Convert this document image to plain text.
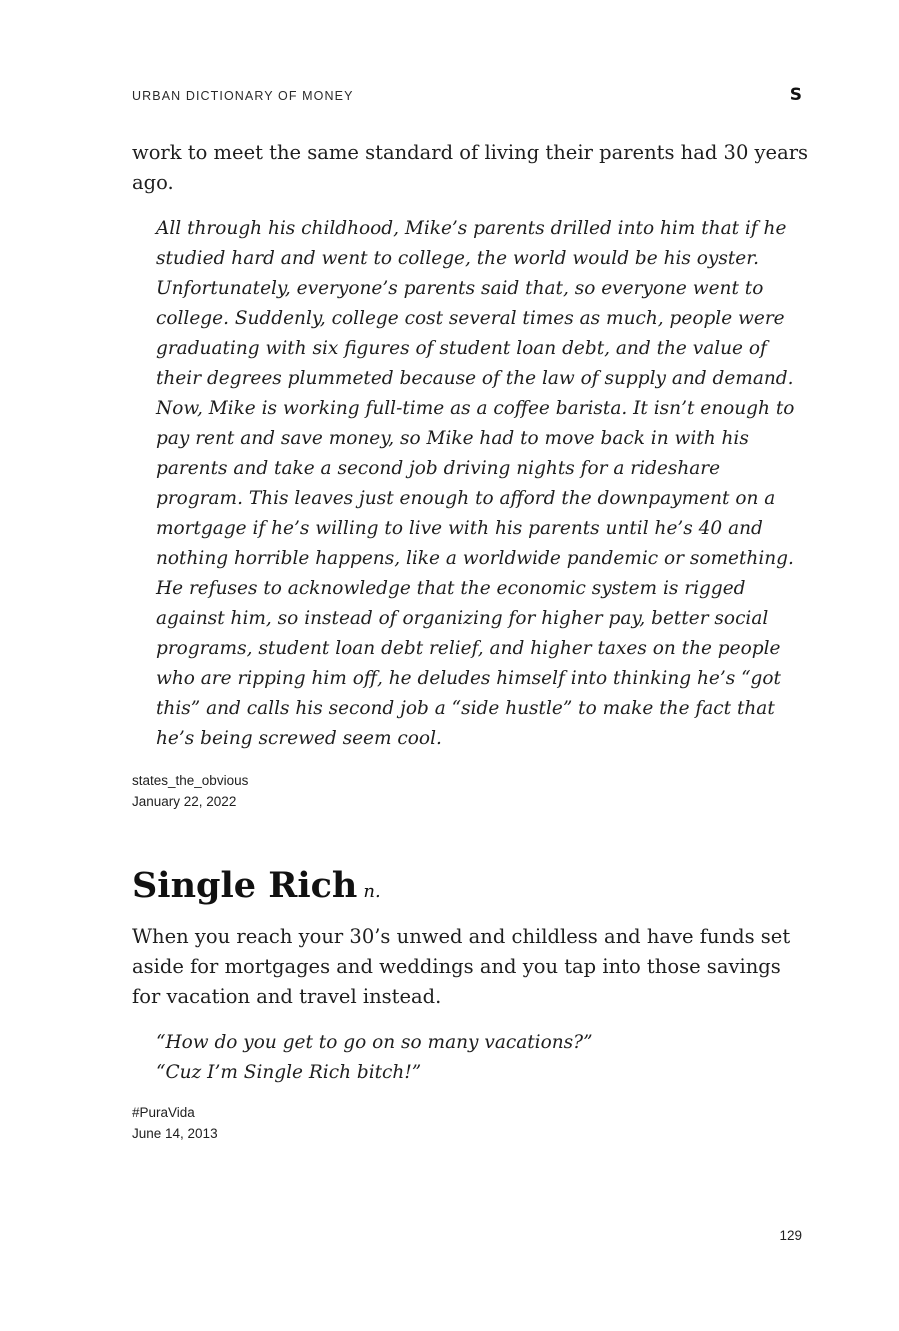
URBAN DICTIONARY OF MONEY	S

work to meet the same standard of living their parents had 30 years ago.

All through his childhood, Mike’s parents drilled into him that if he studied hard and went to college, the world would be his oyster. Unfortunately, everyone’s parents said that, so everyone went to college. Suddenly, college cost several times as much, people were graduating with six figures of student loan debt, and the value of their degrees plummeted because of the law of supply and demand. Now, Mike is working full-time as a coffee barista. It isn’t enough to pay rent and save money, so Mike had to move back in with his parents and take a second job driving nights for a rideshare program. This leaves just enough to afford the downpayment on a mortgage if he’s willing to live with his parents until he’s 40 and nothing horrible happens, like a worldwide pandemic or something. He refuses to acknowledge that the economic system is rigged against him, so instead of organizing for higher pay, better social programs, student loan debt relief, and higher taxes on the people who are ripping him off, he deludes himself into thinking he’s “got this” and calls his second job a “side hustle” to make the fact that he’s being screwed seem cool.

states_the_obvious

January 22, 2022

Single Rich n.

When you reach your 30’s unwed and childless and have funds set aside for mortgages and weddings and you tap into those savings for vacation and travel instead.

“How do you get to go on so many vacations?”
“Cuz I’m Single Rich bitch!”

#PuraVida

June 14, 2013

129
